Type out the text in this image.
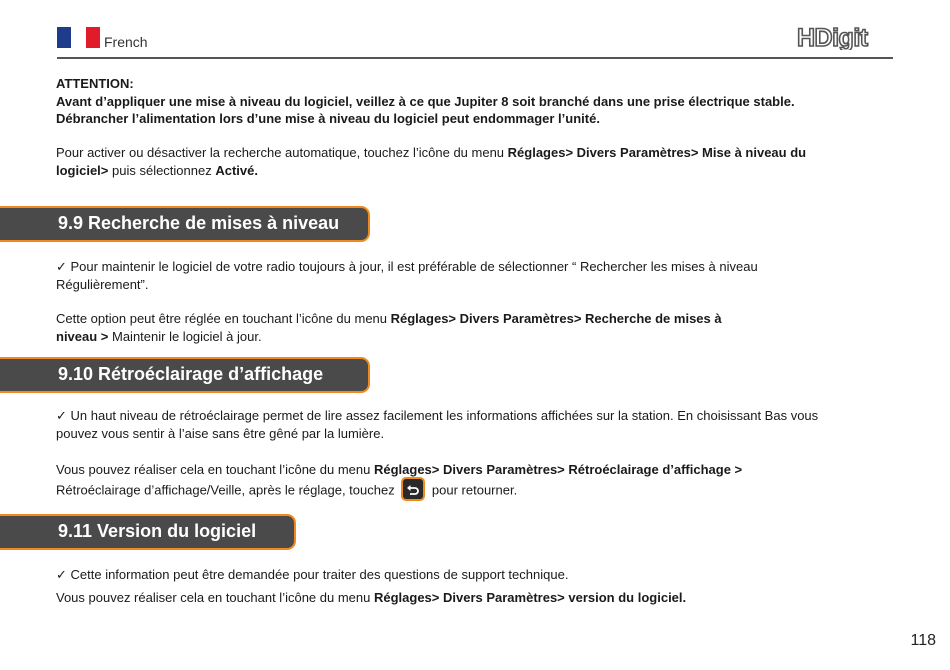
French	HDigit
ATTENTION:
Avant d’appliquer une mise à niveau du logiciel, veillez à ce que Jupiter 8 soit branché dans une prise électrique stable.
Débrancher l’alimentation lors d’une mise à niveau du logiciel peut endommager l’unité.
Pour activer ou désactiver la recherche automatique, touchez l’icône du menu Réglages> Divers Paramètres> Mise à niveau du logiciel> puis sélectionnez Activé.
9.9 Recherche de mises à niveau
✓ Pour maintenir le logiciel de votre radio toujours à jour, il est préférable de sélectionner “ Rechercher les mises à niveau Régulièrement”.
Cette option peut être réglée en touchant l’icône du menu Réglages> Divers Paramètres> Recherche de mises à niveau > Maintenir le logiciel à jour.
9.10 Rétroéclairage d’affichage
✓ Un haut niveau de rétroéclairage permet de lire assez facilement les informations affichées sur la station. En choisissant Bas vous pouvez vous sentir à l’aise sans être gêné par la lumière.
Vous pouvez réaliser cela en touchant l’icône du menu Réglages> Divers Paramètres> Rétroéclairage d’affichage > Rétroéclairage d’affichage/Veille, après le réglage, touchez
pour retourner.
9.11 Version du logiciel
✓ Cette information peut être demandée pour traiter des questions de support technique.
Vous pouvez réaliser cela en touchant l’icône du menu Réglages> Divers Paramètres> version du logiciel.
118
